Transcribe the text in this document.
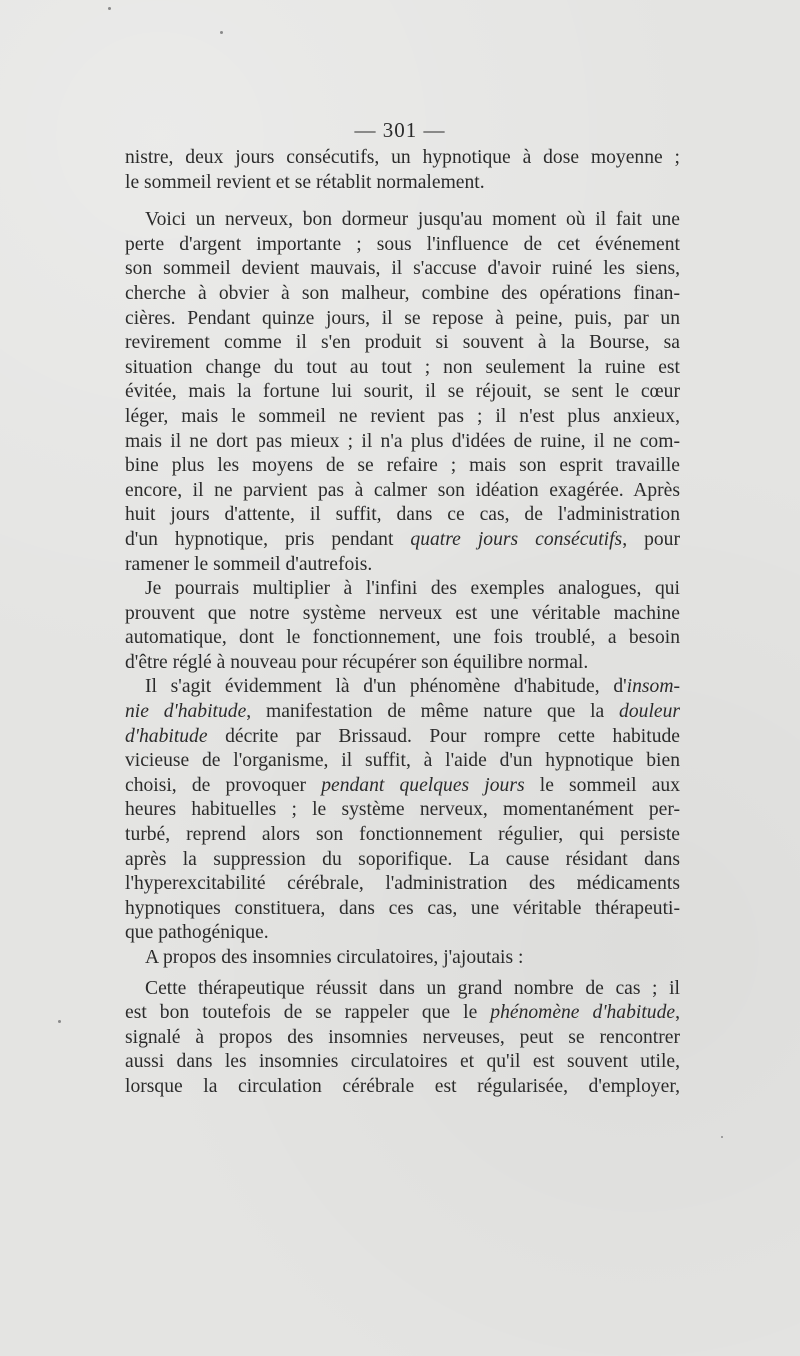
— 301 —
nistre, deux jours consécutifs, un hypnotique à dose moyenne ;
le sommeil revient et se rétablit normalement.
Voici un nerveux, bon dormeur jusqu'au moment où il fait une
perte d'argent importante ; sous l'influence de cet événement
son sommeil devient mauvais, il s'accuse d'avoir ruiné les siens,
cherche à obvier à son malheur, combine des opérations finan-
cières. Pendant quinze jours, il se repose à peine, puis, par un
revirement comme il s'en produit si souvent à la Bourse, sa
situation change du tout au tout ; non seulement la ruine est
évitée, mais la fortune lui sourit, il se réjouit, se sent le cœur
léger, mais le sommeil ne revient pas ; il n'est plus anxieux,
mais il ne dort pas mieux ; il n'a plus d'idées de ruine, il ne com-
bine plus les moyens de se refaire ; mais son esprit travaille
encore, il ne parvient pas à calmer son idéation exagérée. Après
huit jours d'attente, il suffit, dans ce cas, de l'administration
d'un hypnotique, pris pendant quatre jours consécutifs, pour
ramener le sommeil d'autrefois.
Je pourrais multiplier à l'infini des exemples analogues, qui
prouvent que notre système nerveux est une véritable machine
automatique, dont le fonctionnement, une fois troublé, a besoin
d'être réglé à nouveau pour récupérer son équilibre normal.
Il s'agit évidemment là d'un phénomène d'habitude, d'insom-
nie d'habitude, manifestation de même nature que la douleur
d'habitude décrite par Brissaud. Pour rompre cette habitude
vicieuse de l'organisme, il suffit, à l'aide d'un hypnotique bien
choisi, de provoquer pendant quelques jours le sommeil aux
heures habituelles ; le système nerveux, momentanément per-
turbé, reprend alors son fonctionnement régulier, qui persiste
après la suppression du soporifique. La cause résidant dans
l'hyperexcitabilité cérébrale, l'administration des médicaments
hypnotiques constituera, dans ces cas, une véritable thérapeuti-
que pathogénique.
A propos des insomnies circulatoires, j'ajoutais :
Cette thérapeutique réussit dans un grand nombre de cas ; il
est bon toutefois de se rappeler que le phénomène d'habitude,
signalé à propos des insomnies nerveuses, peut se rencontrer
aussi dans les insomnies circulatoires et qu'il est souvent utile,
lorsque la circulation cérébrale est régularisée, d'employer,
